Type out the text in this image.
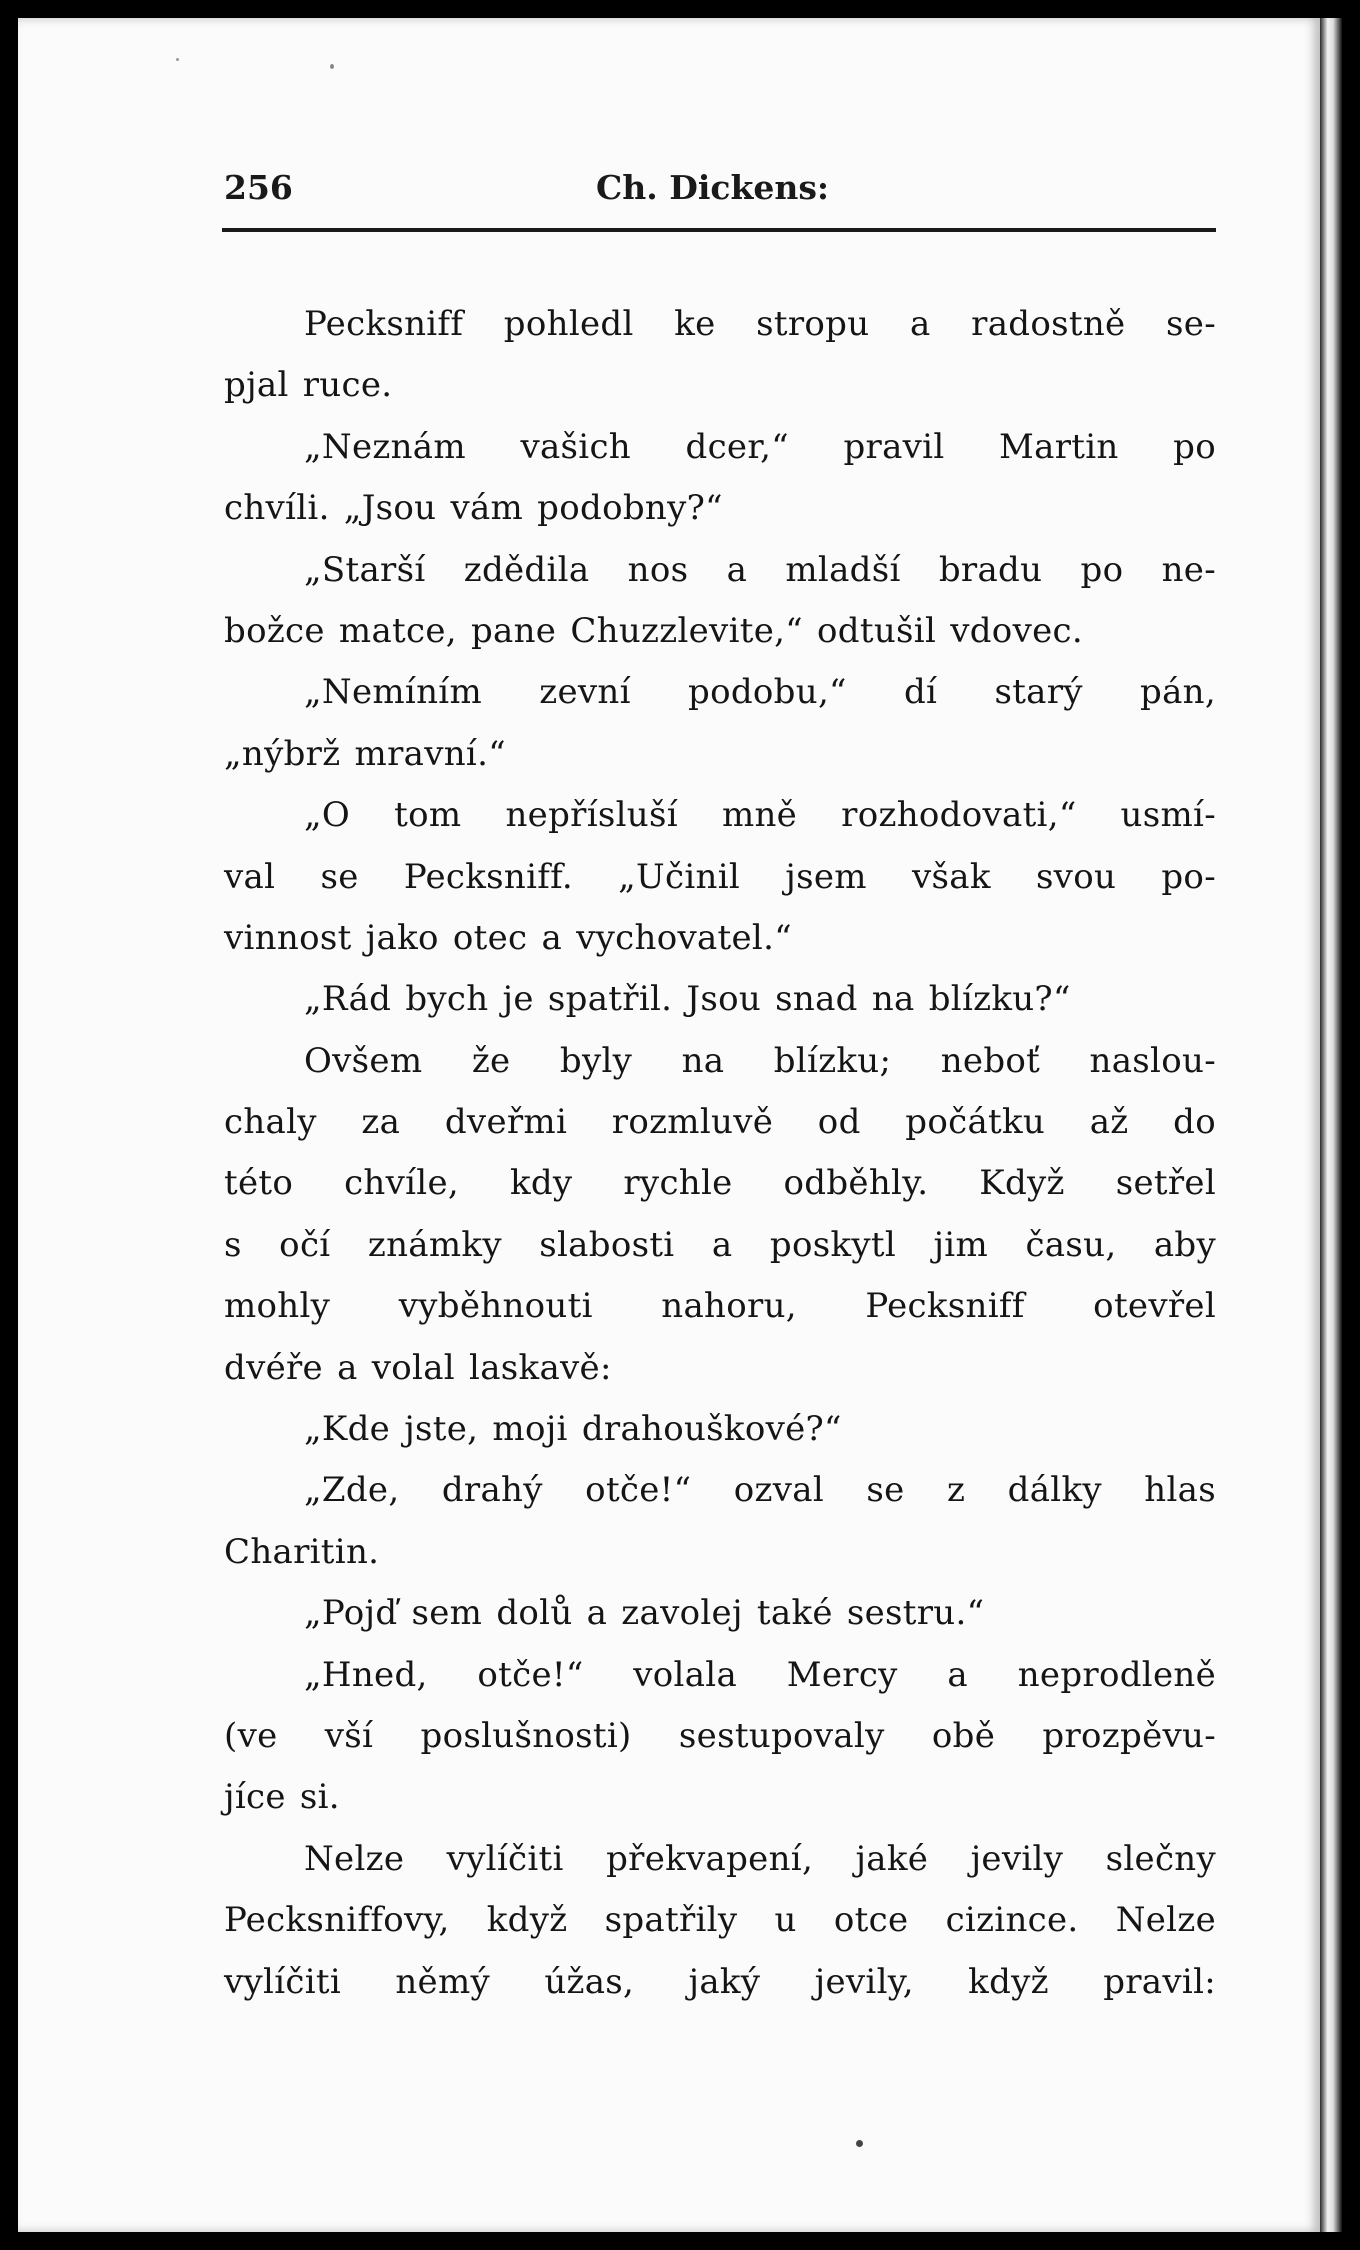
256	Ch. Dickens:
Pecksniff pohledl ke stropu a radostně se-
pjal ruce.
„Neznám vašich dcer,“ pravil Martin po
chvíli. „Jsou vám podobny?“
„Starší zdědila nos a mladší bradu po ne-
božce matce, pane Chuzzlevite,“ odtušil vdovec.
„Nemíním zevní podobu,“ dí starý pán,
„nýbrž mravní.“
„O tom nepřísluší mně rozhodovati,“ usmí-
val se Pecksniff. „Učinil jsem však svou po-
vinnost jako otec a vychovatel.“
„Rád bych je spatřil. Jsou snad na blízku?“
Ovšem že byly na blízku; neboť naslou-
chaly za dveřmi rozmluvě od počátku až do
této chvíle, kdy rychle odběhly. Když setřel
s očí známky slabosti a poskytl jim času, aby
mohly vyběhnouti nahoru, Pecksniff otevřel
dvéře a volal laskavě:
„Kde jste, moji drahouškové?“
„Zde, drahý otče!“ ozval se z dálky hlas
Charitin.
„Pojď sem dolů a zavolej také sestru.“
„Hned, otče!“ volala Mercy a neprodleně
(ve vší poslušnosti) sestupovaly obě prozpěvu-
jíce si.
Nelze vylíčiti překvapení, jaké jevily slečny
Pecksniffovy, když spatřily u otce cizince. Nelze
vylíčiti němý úžas, jaký jevily, když pravil:
